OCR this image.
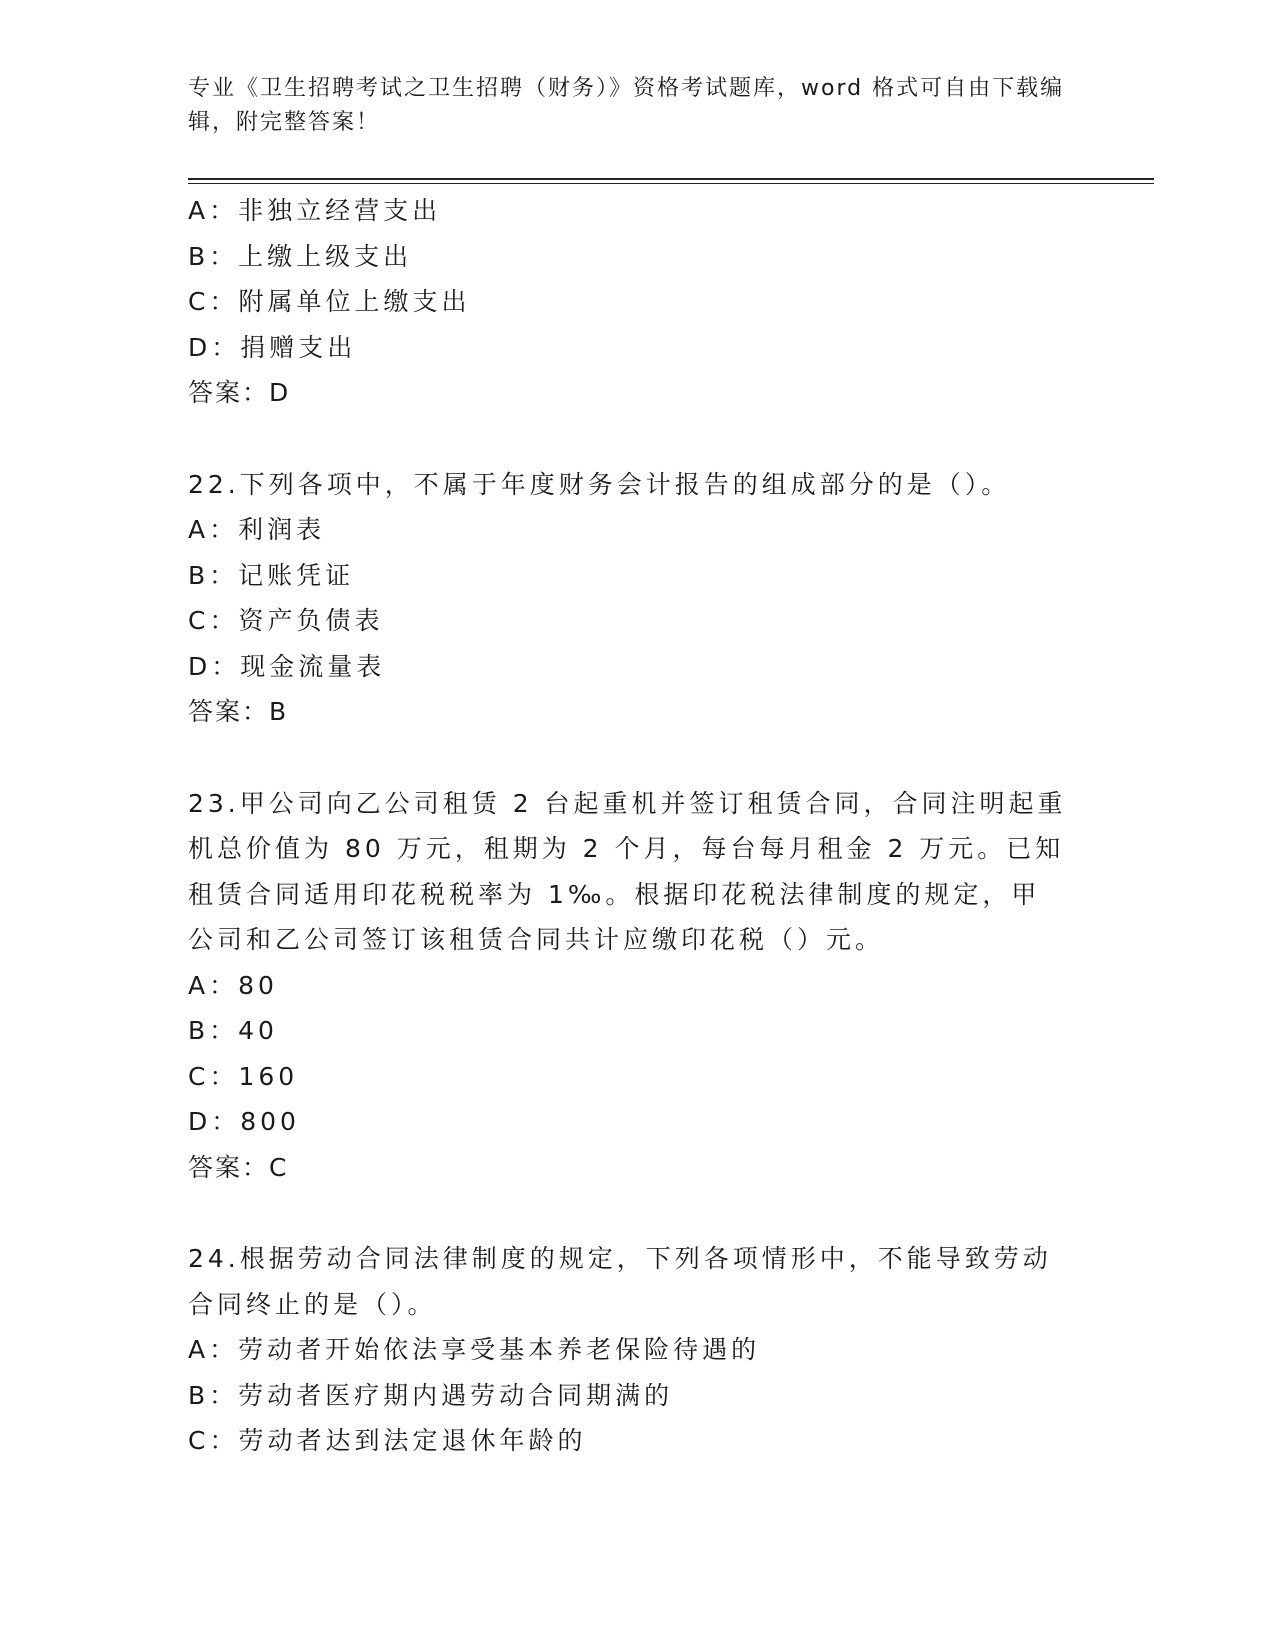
专业《卫生招聘考试之卫生招聘（财务）》资格考试题库，word 格式可自由下载编辑，附完整答案！
A：非独立经营支出
B：上缴上级支出
C：附属单位上缴支出
D：捐赠支出
答案：D
22.下列各项中，不属于年度财务会计报告的组成部分的是（）。
A：利润表
B：记账凭证
C：资产负债表
D：现金流量表
答案：B
23.甲公司向乙公司租赁 2 台起重机并签订租赁合同，合同注明起重机总价值为 80 万元，租期为 2 个月，每台每月租金 2 万元。已知租赁合同适用印花税税率为 1‰。根据印花税法律制度的规定，甲公司和乙公司签订该租赁合同共计应缴印花税（）元。
A：80
B：40
C：160
D：800
答案：C
24.根据劳动合同法律制度的规定，下列各项情形中，不能导致劳动合同终止的是（）。
A：劳动者开始依法享受基本养老保险待遇的
B：劳动者医疗期内遇劳动合同期满的
C：劳动者达到法定退休年龄的
